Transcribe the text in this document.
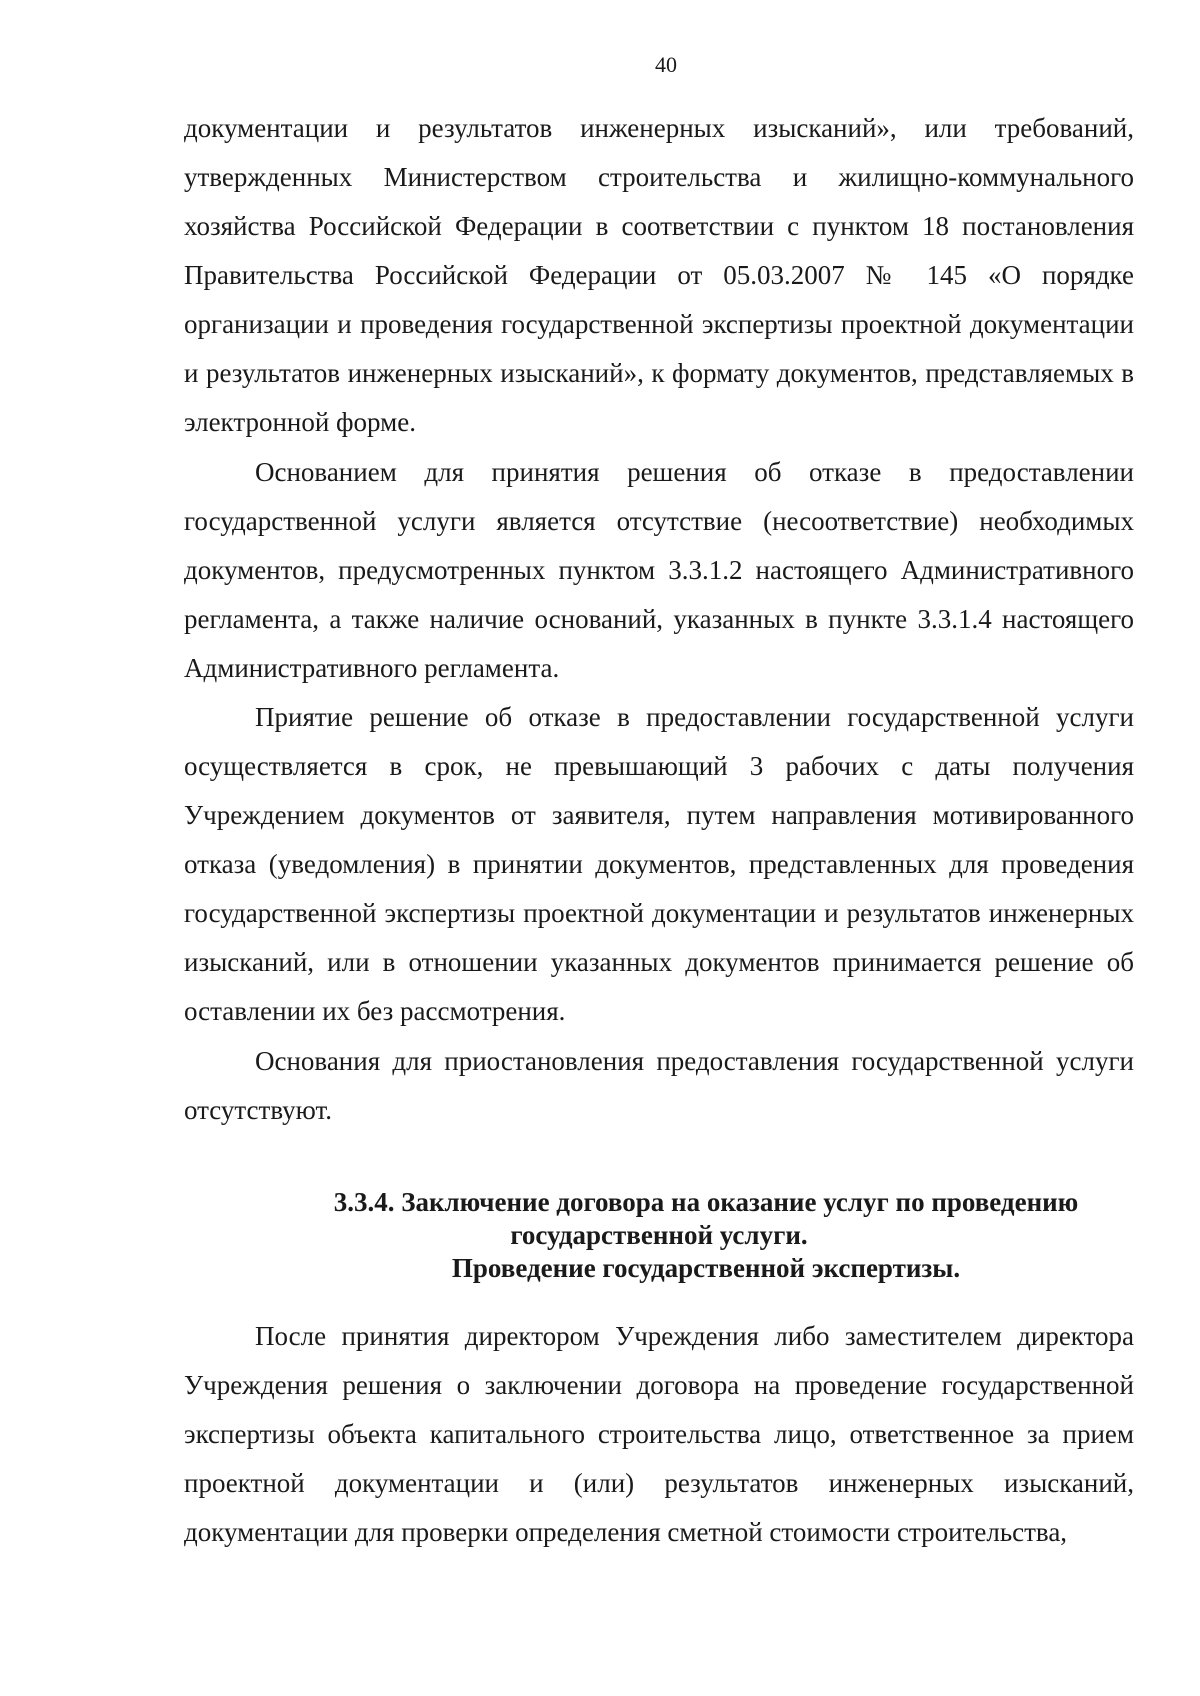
40

документации и результатов инженерных изысканий», или требований, утвержденных Министерством строительства и жилищно-коммунального хозяйства Российской Федерации в соответствии с пунктом 18 постановления Правительства Российской Федерации от 05.03.2007 № 145 «О порядке организации и проведения государственной экспертизы проектной документации и результатов инженерных изысканий», к формату документов, представляемых в электронной форме.

Основанием для принятия решения об отказе в предоставлении государственной услуги является отсутствие (несоответствие) необходимых документов, предусмотренных пунктом 3.3.1.2 настоящего Административного регламента, а также наличие оснований, указанных в пункте 3.3.1.4 настоящего Административного регламента.

Приятие решение об отказе в предоставлении государственной услуги осуществляется в срок, не превышающий 3 рабочих с даты получения Учреждением документов от заявителя, путем направления мотивированного отказа (уведомления) в принятии документов, представленных для проведения государственной экспертизы проектной документации и результатов инженерных изысканий, или в отношении указанных документов принимается решение об оставлении их без рассмотрения.

Основания для приостановления предоставления государственной услуги отсутствуют.

3.3.4. Заключение договора на оказание услуг по проведению
государственной услуги.
Проведение государственной экспертизы.

После принятия директором Учреждения либо заместителем директора Учреждения решения о заключении договора на проведение государственной экспертизы объекта капитального строительства лицо, ответственное за прием проектной документации и (или) результатов инженерных изысканий, документации для проверки определения сметной стоимости строительства,
